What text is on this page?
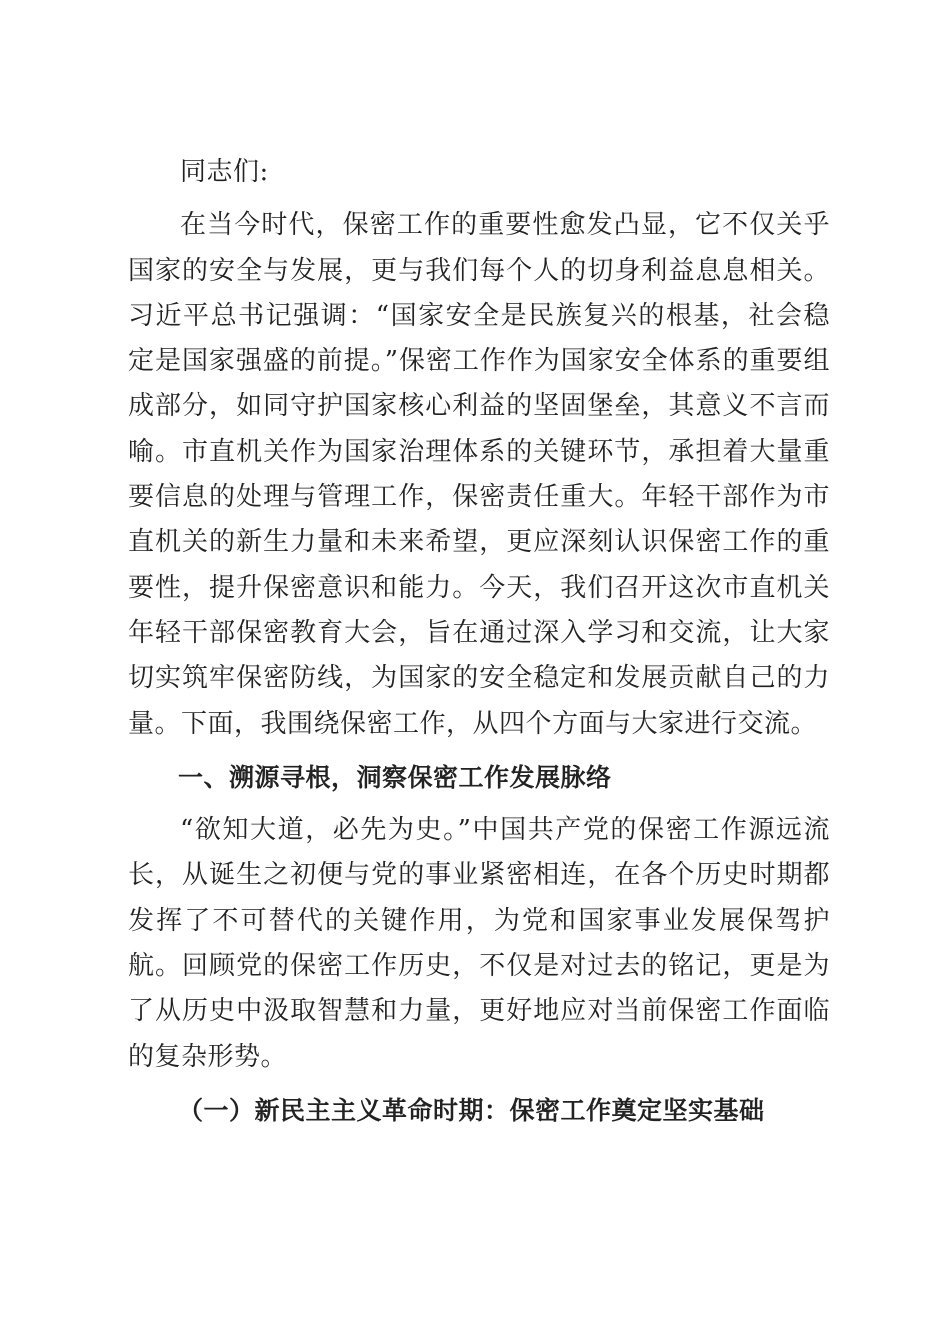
同志们:

在当今时代，保密工作的重要性愈发凸显，它不仅关乎国家的安全与发展，更与我们每个人的切身利益息息相关。习近平总书记强调：“国家安全是民族复兴的根基，社会稳定是国家强盛的前提。”保密工作作为国家安全体系的重要组成部分，如同守护国家核心利益的坚固堡垒，其意义不言而喻。市直机关作为国家治理体系的关键环节，承担着大量重要信息的处理与管理工作，保密责任重大。年轻干部作为市直机关的新生力量和未来希望，更应深刻认识保密工作的重要性，提升保密意识和能力。今天，我们召开这次市直机关年轻干部保密教育大会，旨在通过深入学习和交流，让大家切实筑牢保密防线，为国家的安全稳定和发展贡献自己的力量。下面，我围绕保密工作，从四个方面与大家进行交流。

一、溯源寻根，洞察保密工作发展脉络

“欲知大道，必先为史。”中国共产党的保密工作源远流长，从诞生之初便与党的事业紧密相连，在各个历史时期都发挥了不可替代的关键作用，为党和国家事业发展保驾护航。回顾党的保密工作历史，不仅是对过去的铭记，更是为了从历史中汲取智慧和力量，更好地应对当前保密工作面临的复杂形势。

（一）新民主主义革命时期：保密工作奠定坚实基础
